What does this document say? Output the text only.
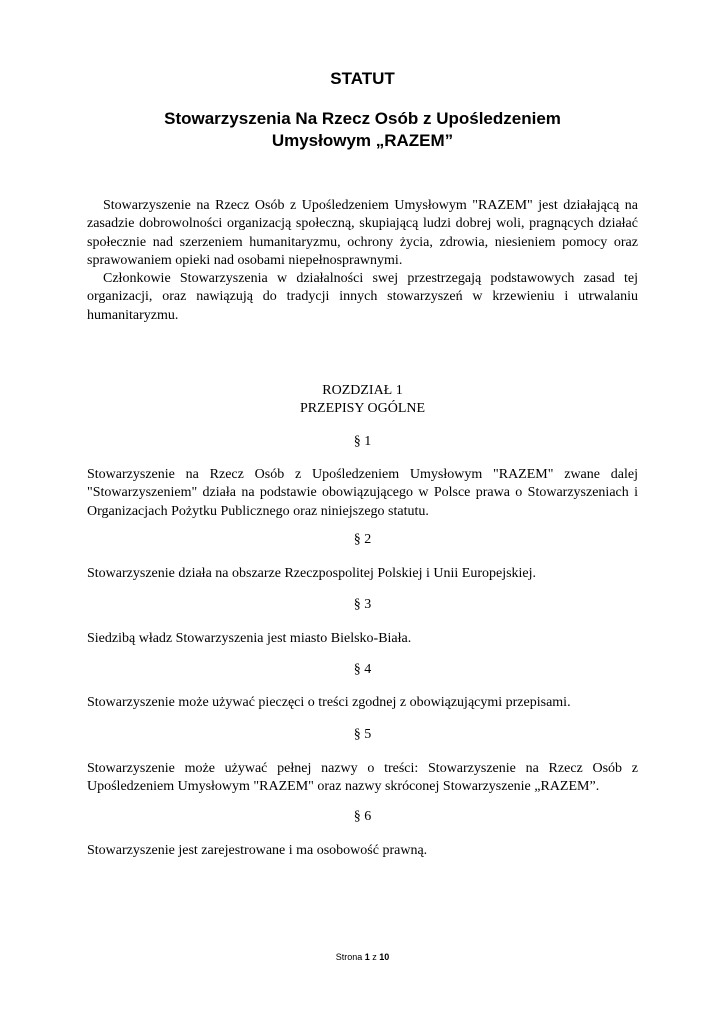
STATUT
Stowarzyszenia Na Rzecz Osób z Upośledzeniem
Umysłowym „RAZEM”

Stowarzyszenie na Rzecz Osób z Upośledzeniem Umysłowym "RAZEM" jest działającą na zasadzie dobrowolności organizacją społeczną, skupiającą ludzi dobrej woli, pragnących działać społecznie nad szerzeniem humanitaryzmu, ochrony życia, zdrowia, niesieniem pomocy oraz sprawowaniem opieki nad osobami niepełnosprawnymi.

Członkowie Stowarzyszenia w działalności swej przestrzegają podstawowych zasad tej organizacji, oraz nawiązują do tradycji innych stowarzyszeń w krzewieniu i utrwalaniu humanitaryzmu.

ROZDZIAŁ 1

PRZEPISY OGÓLNE

§ 1

Stowarzyszenie na Rzecz Osób z Upośledzeniem Umysłowym "RAZEM" zwane dalej "Stowarzyszeniem" działa na podstawie obowiązującego w Polsce prawa o Stowarzyszeniach i Organizacjach Pożytku Publicznego oraz niniejszego statutu.

§ 2

Stowarzyszenie działa na obszarze Rzeczpospolitej Polskiej i Unii Europejskiej.

§ 3

Siedzibą władz Stowarzyszenia jest miasto Bielsko-Biała.

§ 4

Stowarzyszenie może używać pieczęci o treści zgodnej z obowiązującymi przepisami.

§ 5

Stowarzyszenie może używać pełnej nazwy o treści: Stowarzyszenie na Rzecz Osób z Upośledzeniem Umysłowym "RAZEM" oraz nazwy skróconej Stowarzyszenie „RAZEM”.

§ 6

Stowarzyszenie jest zarejestrowane i ma osobowość prawną.

Strona 1 z 10
